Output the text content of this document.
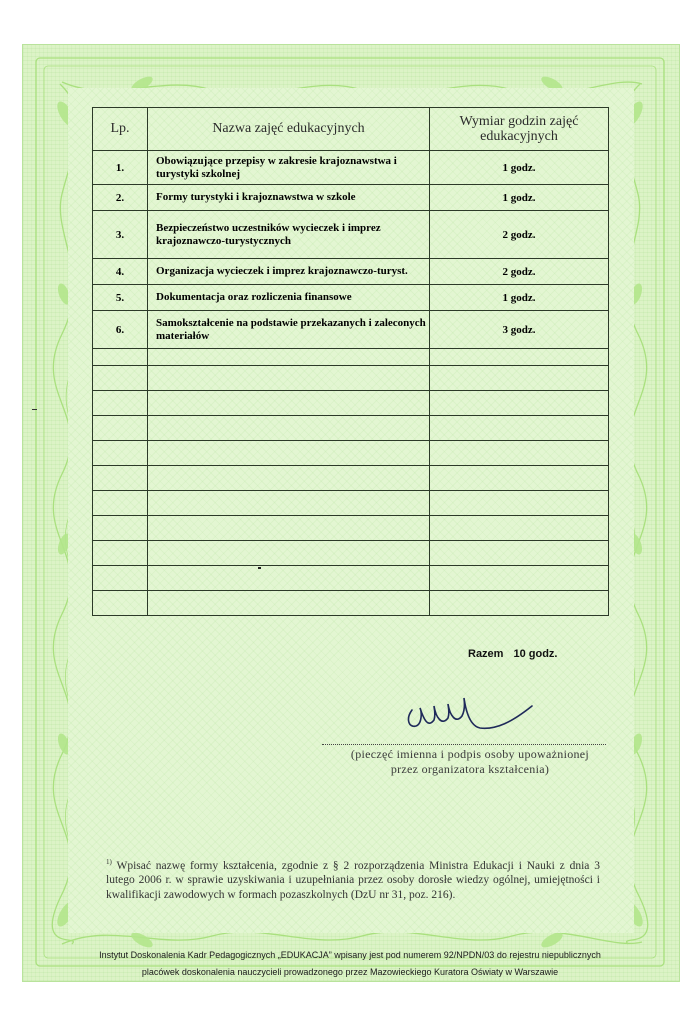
Lp.	Nazwa zajęć edukacyjnych	Wymiar godzin zajęć
edukacyjnych

1.	Obowiązujące przepisy w zakresie krajoznawstwa i turystyki szkolnej	1 godz.
2.	Formy turystyki i krajoznawstwa w szkole	1 godz.
3.	Bezpieczeństwo uczestników wycieczek i imprez krajoznawczo-turystycznych	2 godz.
4.	Organizacja wycieczek i imprez krajoznawczo-turyst.	2 godz.
5.	Dokumentacja oraz rozliczenia finansowe	1 godz.
6.	Samokształcenie na podstawie przekazanych i zaleconych materiałów	3 godz.

Razem 10 godz.
(pieczęć imienna i podpis osoby upoważnionej
przez organizatora kształcenia)
$^{1)}$ Wpisać nazwę formy kształcenia, zgodnie z § 2 rozporządzenia Ministra Edukacji i Nauki z dnia 3 lutego 2006 r. w sprawie uzyskiwania i uzupełniania przez osoby dorosłe wiedzy ogólnej, umiejętności i kwalifikacji zawodowych w formach pozaszkolnych (DzU nr 31, poz. 216).
Instytut Doskonalenia Kadr Pedagogicznych „EDUKACJA” wpisany jest pod numerem 92/NPDN/03 do rejestru niepublicznych
placówek doskonalenia nauczycieli prowadzonego przez Mazowieckiego Kuratora Oświaty w Warszawie
